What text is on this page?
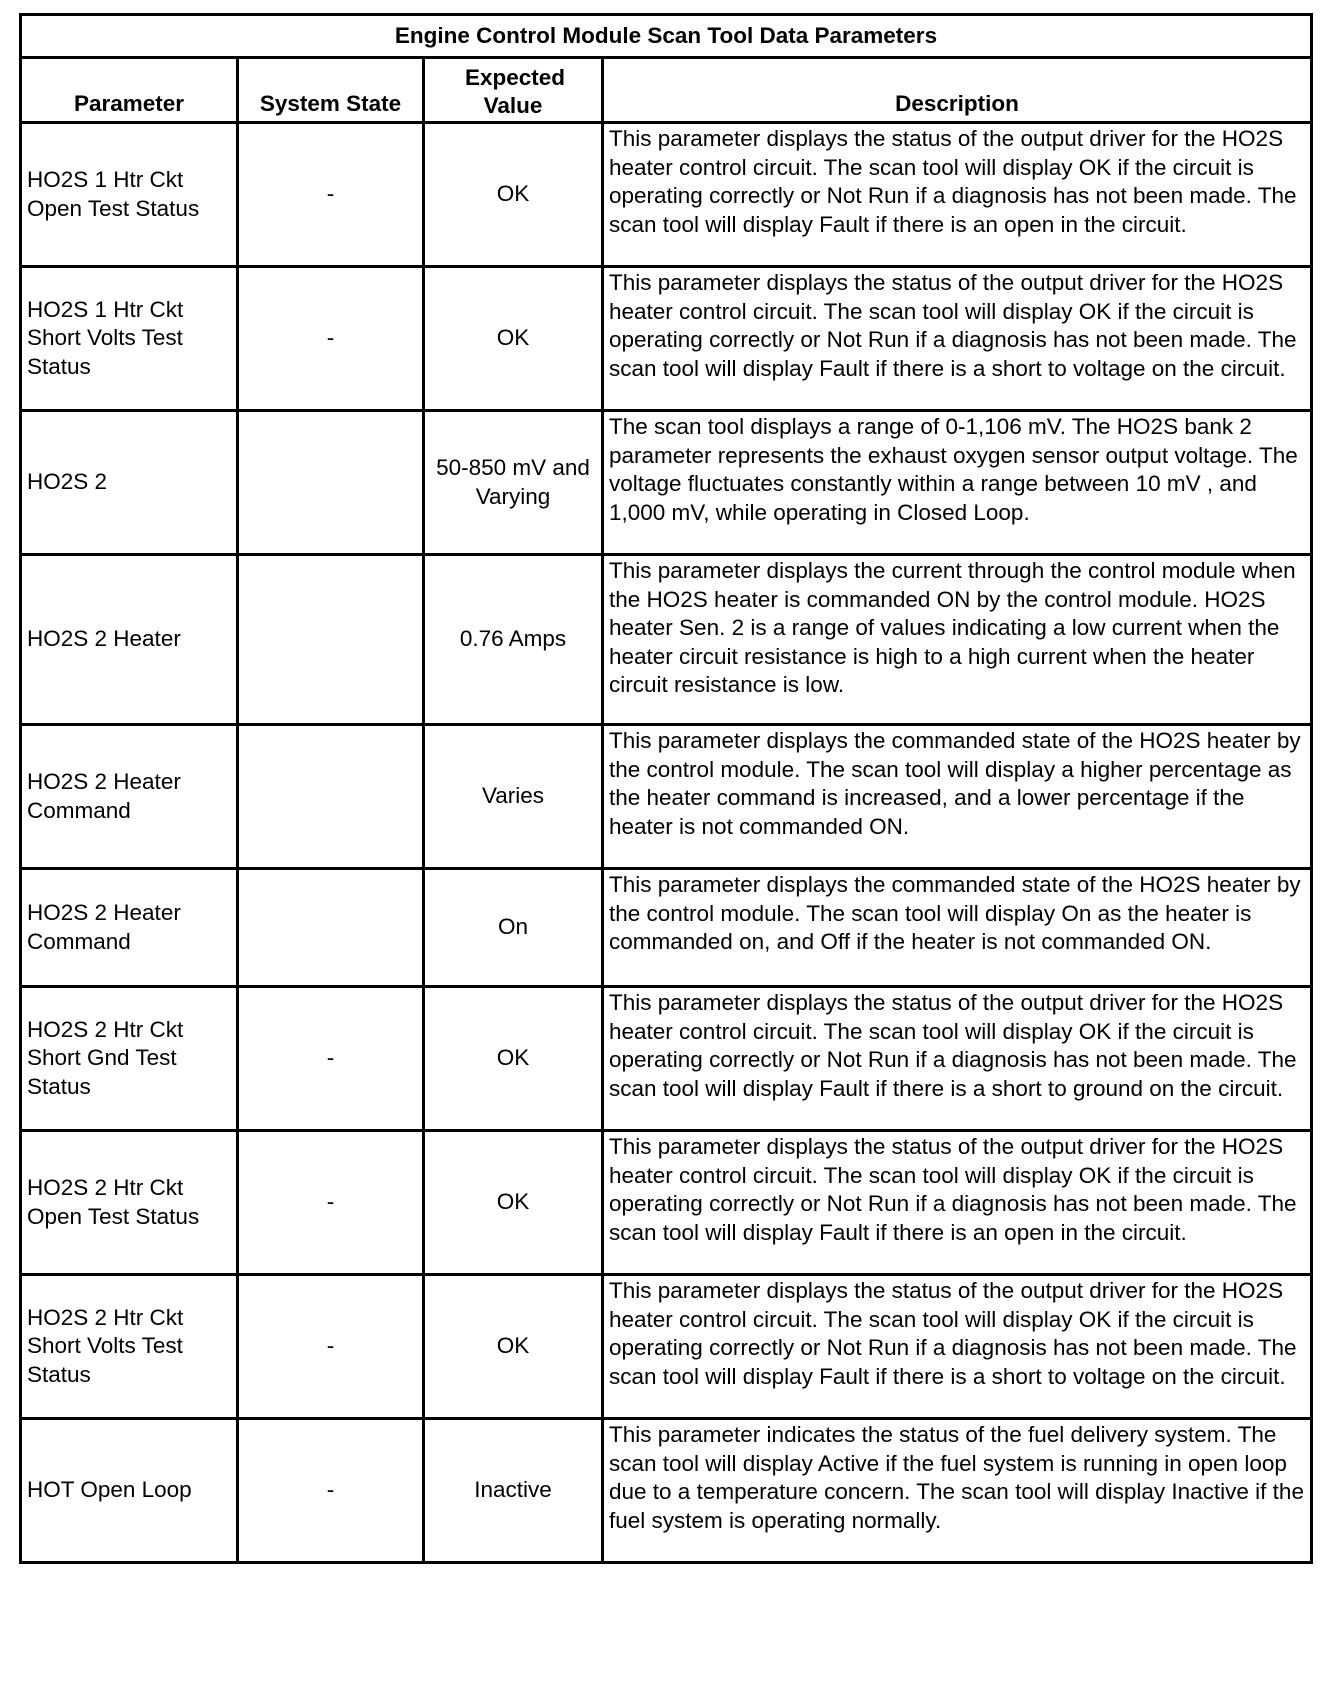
Engine Control Module Scan Tool Data Parameters			

Parameter	System State	Expected Value	Description

HO2S 1 Htr Ckt Open Test Status	-	OK	This parameter displays the status of the output driver for the HO2S heater control circuit. The scan tool will display OK if the circuit is operating correctly or Not Run if a diagnosis has not been made. The scan tool will display Fault if there is an open in the circuit.
HO2S 1 Htr Ckt Short Volts Test Status	-	OK	This parameter displays the status of the output driver for the HO2S heater control circuit. The scan tool will display OK if the circuit is operating correctly or Not Run if a diagnosis has not been made. The scan tool will display Fault if there is a short to voltage on the circuit.
HO2S 2		50-850 mV and Varying	The scan tool displays a range of 0-1,106 mV. The HO2S bank 2 parameter represents the exhaust oxygen sensor output voltage. The voltage fluctuates constantly within a range between 10 mV , and 1,000 mV, while operating in Closed Loop.
HO2S 2 Heater		0.76 Amps	This parameter displays the current through the control module when the HO2S heater is commanded ON by the control module. HO2S heater Sen. 2 is a range of values indicating a low current when the heater circuit resistance is high to a high current when the heater circuit resistance is low.
HO2S 2 Heater Command		Varies	This parameter displays the commanded state of the HO2S heater by the control module. The scan tool will display a higher percentage as the heater command is increased, and a lower percentage if the heater is not commanded ON.
HO2S 2 Heater Command		On	This parameter displays the commanded state of the HO2S heater by the control module. The scan tool will display On as the heater is commanded on, and Off if the heater is not commanded ON.
HO2S 2 Htr Ckt Short Gnd Test Status	-	OK	This parameter displays the status of the output driver for the HO2S heater control circuit. The scan tool will display OK if the circuit is operating correctly or Not Run if a diagnosis has not been made. The scan tool will display Fault if there is a short to ground on the circuit.
HO2S 2 Htr Ckt Open Test Status	-	OK	This parameter displays the status of the output driver for the HO2S heater control circuit. The scan tool will display OK if the circuit is operating correctly or Not Run if a diagnosis has not been made. The scan tool will display Fault if there is an open in the circuit.
HO2S 2 Htr Ckt Short Volts Test Status	-	OK	This parameter displays the status of the output driver for the HO2S heater control circuit. The scan tool will display OK if the circuit is operating correctly or Not Run if a diagnosis has not been made. The scan tool will display Fault if there is a short to voltage on the circuit.
HOT Open Loop	-	Inactive	This parameter indicates the status of the fuel delivery system. The scan tool will display Active if the fuel system is running in open loop due to a temperature concern. The scan tool will display Inactive if the fuel system is operating normally.
